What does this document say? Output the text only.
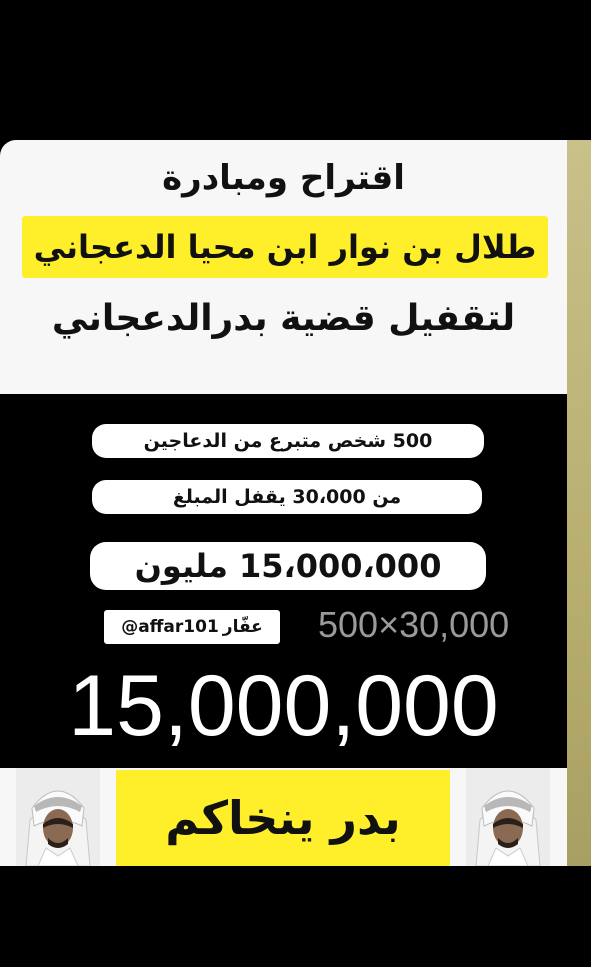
اقتراح ومبادرة
طلال بن نوار ابن محيا الدعجاني
لتقفيل قضية بدرالدعجاني
500 شخص متبرع من الدعاجين
من 30،000 يقفل المبلغ
15،000،000 مليون
عفّار
@affar101	500×30,000
15,000,000
بدر ينخاكم
